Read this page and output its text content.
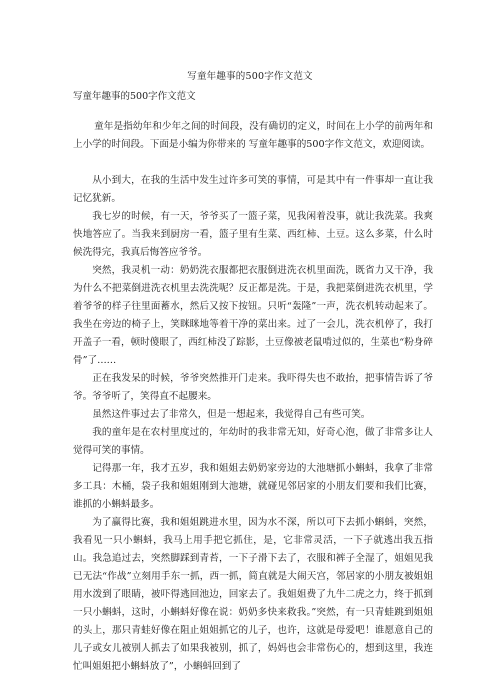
写童年趣事的500字作文范文
写童年趣事的500字作文范文

童年是指幼年和少年之间的时间段，没有确切的定义，时间在上小学的前两年和上小学的时间段。下面是小编为你带来的 写童年趣事的500字作文范文，欢迎阅读。

从小到大，在我的生活中发生过许多可笑的事情，可是其中有一件事却一直让我记忆犹新。

我七岁的时候，有一天，爷爷买了一篮子菜，见我闲着没事，就让我洗菜。我爽快地答应了。当我来到厨房一看，篮子里有生菜、西红柿、土豆。这么多菜，什么时候洗得完，我真后悔答应爷爷。

突然，我灵机一动：奶奶洗衣服都把衣服倒进洗衣机里面洗，既省力又干净，我为什么不把菜倒进洗衣机里去洗洗呢？反正都是洗。于是，我把菜倒进洗衣机里，学着爷爷的样子往里面蓄水，然后又按下按钮。只听“轰隆”一声，洗衣机转动起来了。我坐在旁边的椅子上，笑眯眯地等着干净的菜出来。过了一会儿，洗衣机停了，我打开盖子一看，顿时傻眼了，西红柿没了踪影，土豆像被老鼠啃过似的，生菜也“粉身碎骨”了……

正在我发呆的时候，爷爷突然推开门走来。我吓得失也不敢抬，把事情告诉了爷爷。爷爷听了，笑得直不起腰来。

虽然这件事过去了非常久，但是一想起来，我觉得自己有些可笑。

我的童年是在农村里度过的，年幼时的我非常无知，好奇心泡，做了非常多让人觉得可笑的事情。

记得那一年，我才五岁，我和姐姐去奶奶家旁边的大池塘抓小蝌蚪，我拿了非常多工具：木桶，袋子我和姐姐刚到大池塘，就碰见邻居家的小朋友们要和我们比赛，谁抓的小蝌蚪最多。

为了赢得比赛，我和姐姐跳进水里，因为水不深，所以可下去抓小蝌蚪，突然，我看见一只小蝌蚪，我马上用手把它抓住，是，它非常灵活，一下子就逃出我五指山。我急追过去，突然脚踩到青苔，一下子滑下去了，衣服和裤子全湿了，姐姐见我已无法“作战”立刻用手东一抓，西一抓，简直就是大闹天宫，邻居家的小朋友被姐姐用水泼到了眼睛，被吓得逃回池边，回家去了。我姐姐费了九牛二虎之力，终于抓到一只小蝌蚪，这时，小蝌蚪好像在说：奶奶多快来救我。”突然，有一只青蛙跳到姐姐的头上，那只青蛙好像在阻止姐姐抓它的儿子，也许，这就是母爱吧！谁愿意自己的儿子或女儿被别人抓去了如果我被别，抓了，妈妈也会非常伤心的，想到这里，我连忙叫姐姐把小蝌蚪放了”，小蝌蚪回到了
